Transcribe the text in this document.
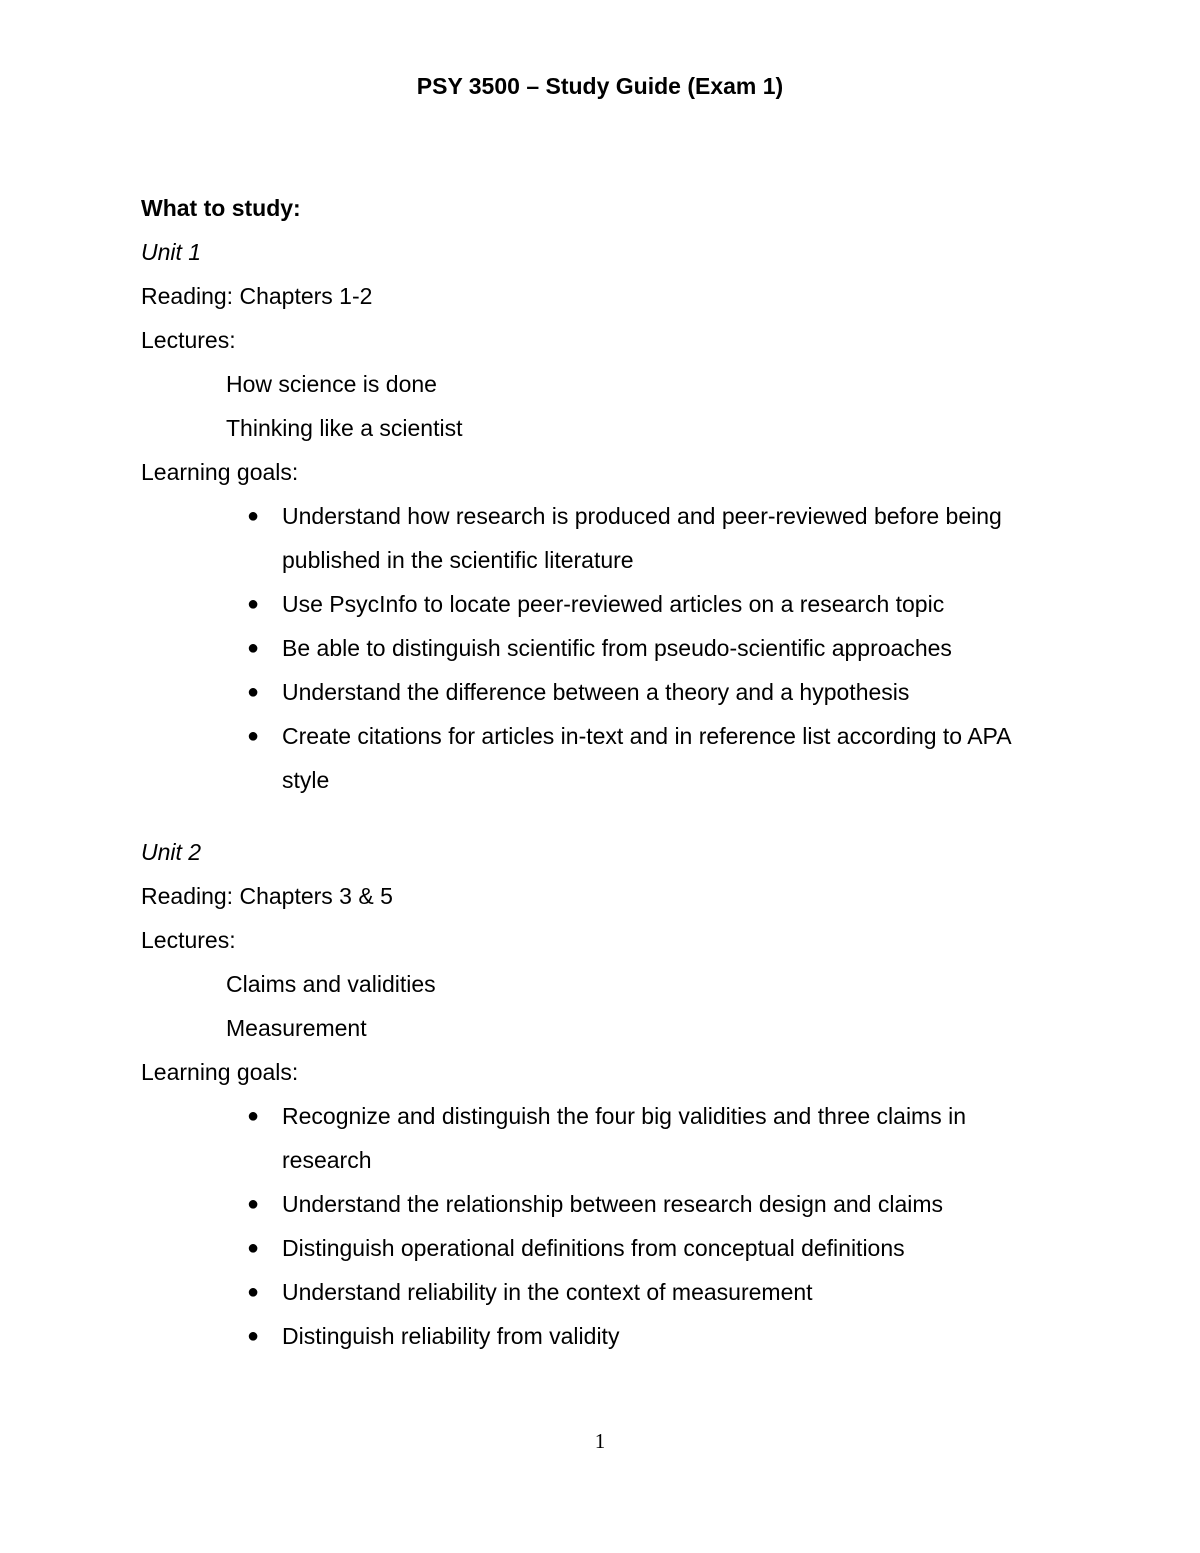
PSY 3500 – Study Guide (Exam 1)
What to study:
Unit 1
Reading: Chapters 1-2
Lectures:
How science is done
Thinking like a scientist
Learning goals:
● Understand how research is produced and peer-reviewed before being published in the scientific literature
● Use PsycInfo to locate peer-reviewed articles on a research topic
● Be able to distinguish scientific from pseudo-scientific approaches
● Understand the difference between a theory and a hypothesis
● Create citations for articles in-text and in reference list according to APA style
Unit 2
Reading: Chapters 3 & 5
Lectures:
Claims and validities
Measurement
Learning goals:
● Recognize and distinguish the four big validities and three claims in research
● Understand the relationship between research design and claims
● Distinguish operational definitions from conceptual definitions
● Understand reliability in the context of measurement
● Distinguish reliability from validity
1
